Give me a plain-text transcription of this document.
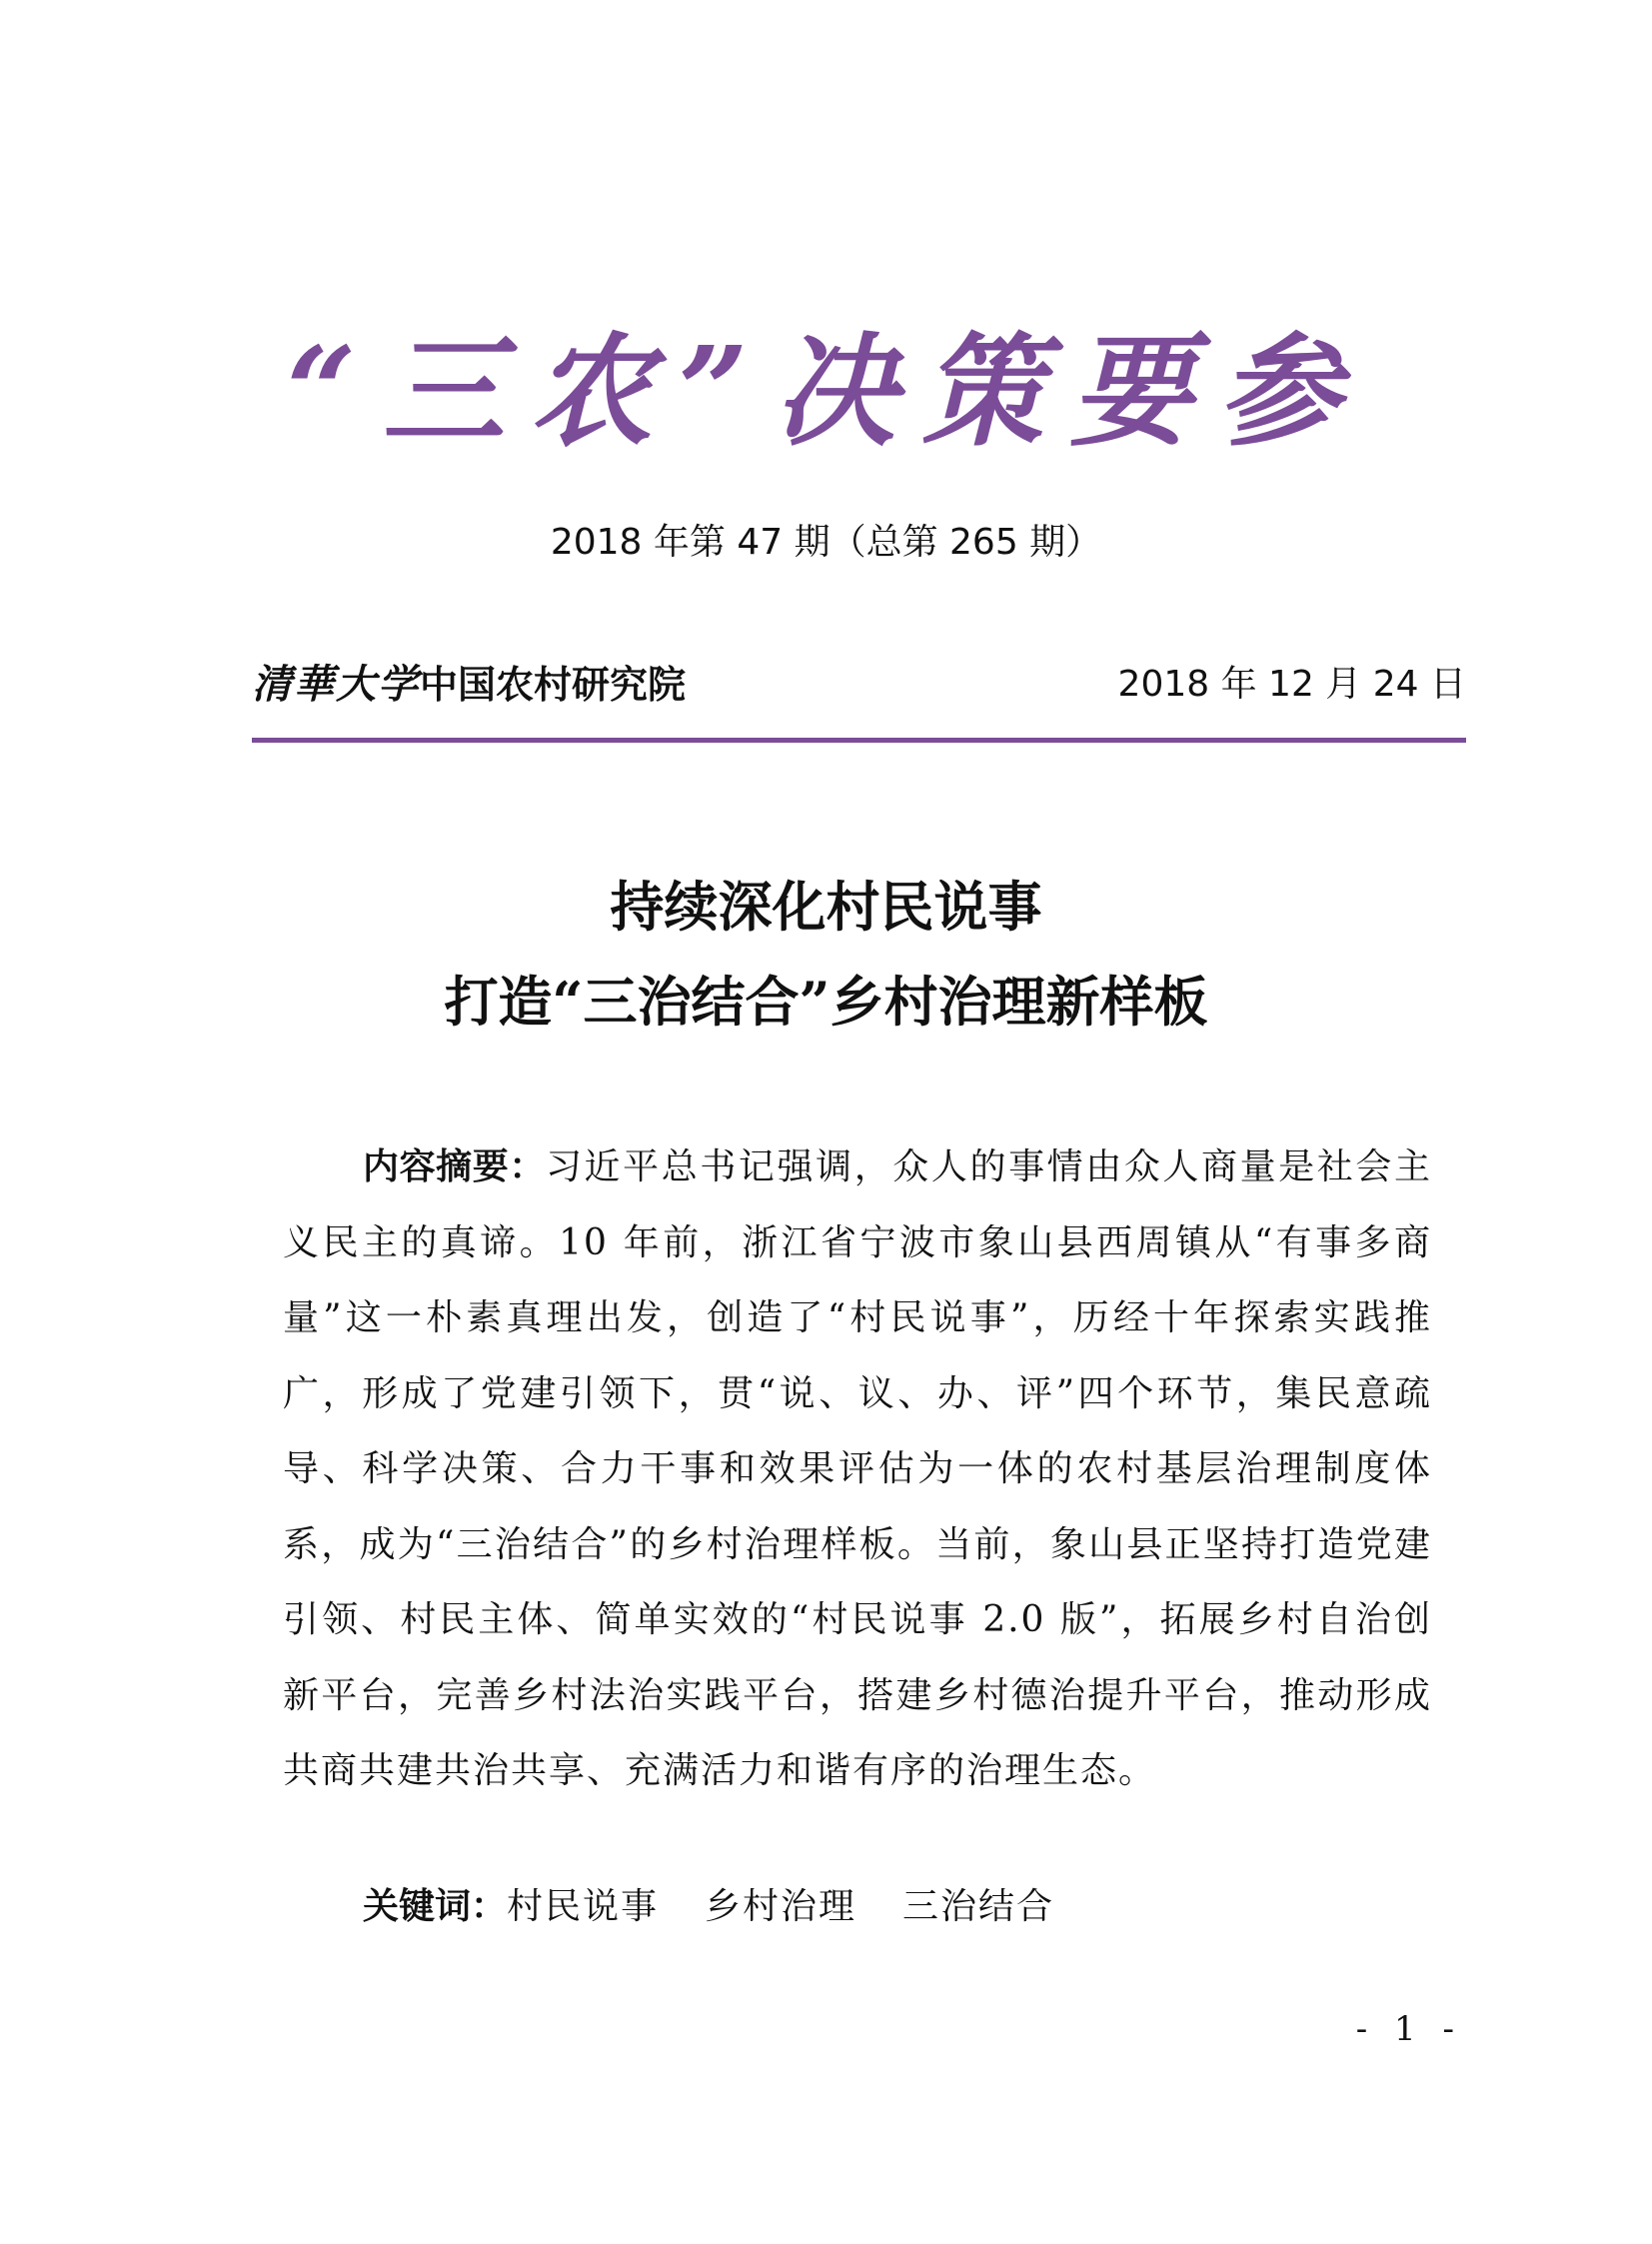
“三农”决策要参
2018 年第 47 期（总第 265 期）
清華大学 中国农村研究院	2018 年 12 月 24 日
持续深化村民说事
打造“三治结合”乡村治理新样板

内容摘要：习近平总书记强调，众人的事情由众人商量是社会主义民主的真谛。10 年前，浙江省宁波市象山县西周镇从“有事多商量”这一朴素真理出发，创造了“村民说事”，历经十年探索实践推广，形成了党建引领下，贯“说、议、办、评”四个环节，集民意疏导、科学决策、合力干事和效果评估为一体的农村基层治理制度体系，成为“三治结合”的乡村治理样板。当前，象山县正坚持打造党建引领、村民主体、简单实效的“村民说事 2.0 版”，拓展乡村自治创新平台，完善乡村法治实践平台，搭建乡村德治提升平台，推动形成共商共建共治共享、充满活力和谐有序的治理生态。

关键词：村民说事 乡村治理 三治结合
- 1 -
